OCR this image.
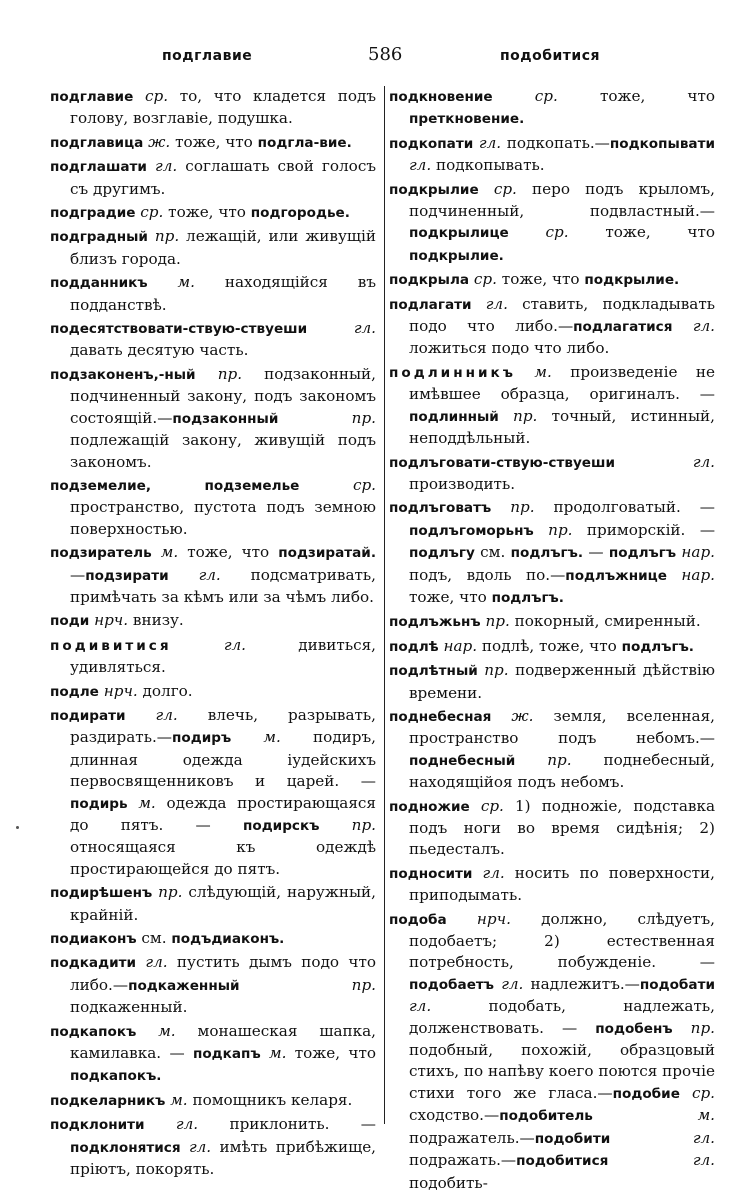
подглавие	586	подобитися

подглавие ср. то, что кладется подъ голову, возглавіе, подушка.

подглавица ж. тоже, что подгла-вие.

подглашати гл. соглашать свой голосъ съ другимъ.

подградие ср. тоже, что подгородье.

подградный пр. лежащій, или живущій близъ города.

подданникъ м. находящійся въ подданствѣ.

подесятствовати-ствую-ствуеши	гл. давать десятую часть.

подзаконенъ,-ный пр. подзаконный, подчиненный закону, подъ закономъ состоящій.—подзаконный	пр. подлежащій закону, живущій подъ закономъ.

подземелие, подземелье	ср. пространство, пустота подъ земною поверхностью.

подзиратель м. тоже, что подзиратай. —подзирати гл. подсматривать, примѣчать за кѣмъ или за чѣмъ либо.

поди нрч. внизу.

подивитися	гл. дивиться, удивляться.

подле нрч. долго.

подирати гл. влечь, разрывать, раздирать.—подиръ м. подиръ, длинная одежда іудейскихъ первосвященниковъ и царей. — подирь м. одежда простирающаяся до пятъ. — подирскъ пр. относящаяся къ одеждѣ простирающейся до пятъ.

подирѣшенъ пр. слѣдующій, наружный, крайній.

подиаконъ см. подъдиаконъ.

подкадити гл. пустить дымъ подо что либо.—подкаженный	пр. подкаженный.

подкапокъ м. монашеская шапка, камилавка. — подкапъ м. тоже, что подкапокъ.

подкеларникъ м. помощникъ келаря.

подклонити гл. приклонить. — подклонятися гл. имѣть прибѣжище, пріютъ, покорять.

подкновение	ср. тоже, что преткновение.

подкопати гл. подкопать.—подкопывати гл. подкопывать.

подкрылие ср. перо подъ крыломъ, подчиненный, подвластный.— подкрылице ср. тоже, что подкрылие.

подкрыла ср. тоже, что подкрылие.

подлагати гл. ставить, подкладывать подо что либо.—подлагатися гл. ложиться подо что либо.

подлинникъ м. произведеніе не имѣвшее образца, оригиналъ. — подлинный пр. точный, истинный, неподдѣльный.

подлъговати-ствую-ствуеши	гл. производить.

подлъговатъ пр. продолговатый. — подлъгоморьнъ пр. приморскій. — подлъгу см. подлъгъ. — подлъгъ нар. подъ, вдоль по.—подлъжнице нар. тоже, что подлъгъ.

подлъжьнъ пр. покорный, смиренный.

подлѣ нар. подлѣ, тоже, что подлъгъ.

подлѣтный пр. подверженный дѣйствію времени.

поднебесная ж. земля, вселенная, пространство подъ небомъ.—поднебесный пр. поднебесный, находящійоя подъ небомъ.

подножие ср. 1) подножіе, подставка подъ ноги во время сидѣнія; 2) пьедесталъ.

подносити гл. носить по поверхности, приподымать.

подоба нрч. должно, слѣдуетъ, подобаетъ; 2) естественная потребность, побужденіе. — подобаетъ гл. надлежитъ.—подобати гл. подобать, надлежать, долженствовать. — подобенъ пр. подобный, похожій, образцовый стихъ, по напѣву коего поются прочіе стихи того же гласа.—подобие ср. сходство.—подобитель	м. подражатель.—подобити	гл. подражать.—подобитися	гл. подобить-
